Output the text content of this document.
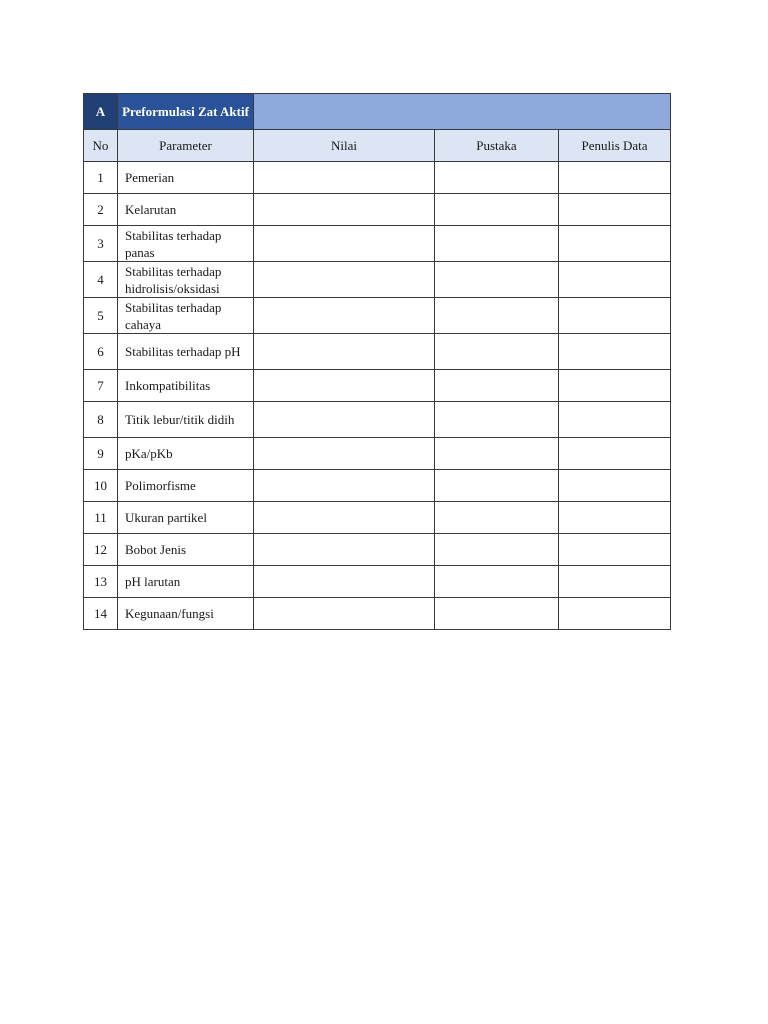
A	Preformulasi Zat Aktif			
No	Parameter	Nilai	Pustaka	Penulis Data
1	Pemerian			
2	Kelarutan			
3	Stabilitas terhadap panas			
4	Stabilitas terhadap hidrolisis/oksidasi			
5	Stabilitas terhadap cahaya			
6	Stabilitas terhadap pH			
7	Inkompatibilitas			
8	Titik lebur/titik didih			
9	pKa/pKb			
10	Polimorfisme			
11	Ukuran partikel			
12	Bobot Jenis			
13	pH larutan			
14	Kegunaan/fungsi			
